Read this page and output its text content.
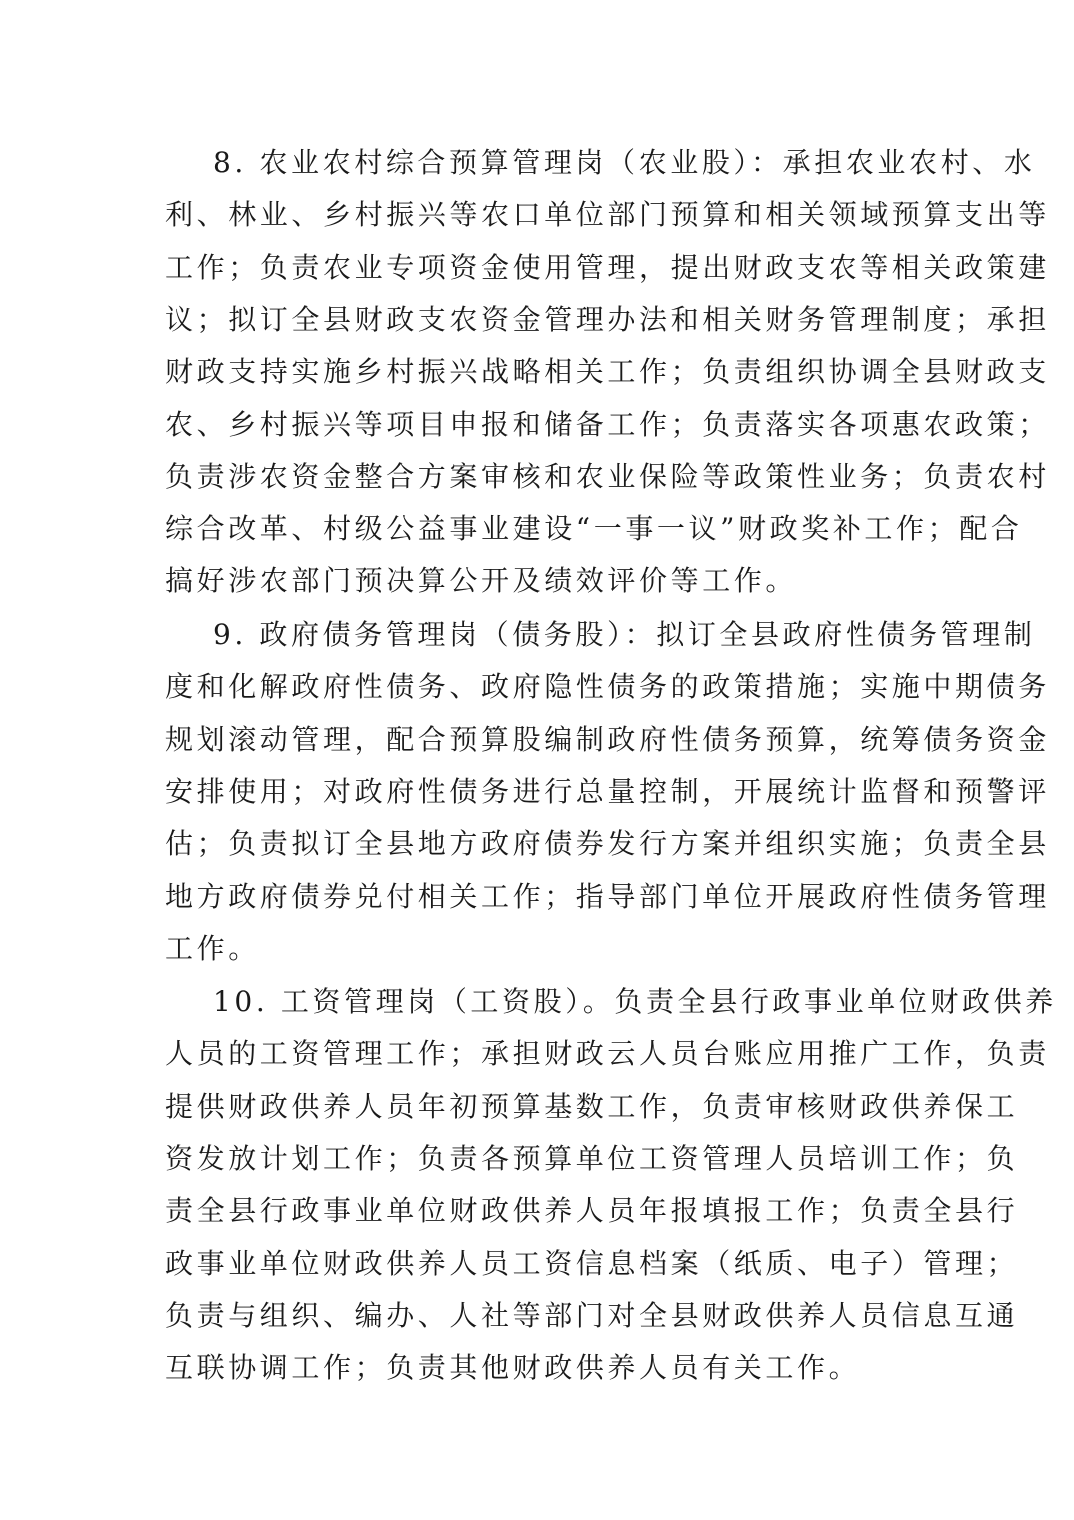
8. 农业农村综合预算管理岗（农业股）：承担农业农村、水
利、林业、乡村振兴等农口单位部门预算和相关领域预算支出等
工作；负责农业专项资金使用管理，提出财政支农等相关政策建
议；拟订全县财政支农资金管理办法和相关财务管理制度；承担
财政支持实施乡村振兴战略相关工作；负责组织协调全县财政支
农、乡村振兴等项目申报和储备工作；负责落实各项惠农政策；
负责涉农资金整合方案审核和农业保险等政策性业务；负责农村
综合改革、村级公益事业建设“一事一议”财政奖补工作；配合
搞好涉农部门预决算公开及绩效评价等工作。
9. 政府债务管理岗（债务股）：拟订全县政府性债务管理制
度和化解政府性债务、政府隐性债务的政策措施；实施中期债务
规划滚动管理，配合预算股编制政府性债务预算，统筹债务资金
安排使用；对政府性债务进行总量控制，开展统计监督和预警评
估；负责拟订全县地方政府债券发行方案并组织实施；负责全县
地方政府债券兑付相关工作；指导部门单位开展政府性债务管理
工作。
10. 工资管理岗（工资股）。负责全县行政事业单位财政供养
人员的工资管理工作；承担财政云人员台账应用推广工作，负责
提供财政供养人员年初预算基数工作，负责审核财政供养保工
资发放计划工作；负责各预算单位工资管理人员培训工作；负
责全县行政事业单位财政供养人员年报填报工作；负责全县行
政事业单位财政供养人员工资信息档案（纸质、电子）管理；
负责与组织、编办、人社等部门对全县财政供养人员信息互通
互联协调工作；负责其他财政供养人员有关工作。
